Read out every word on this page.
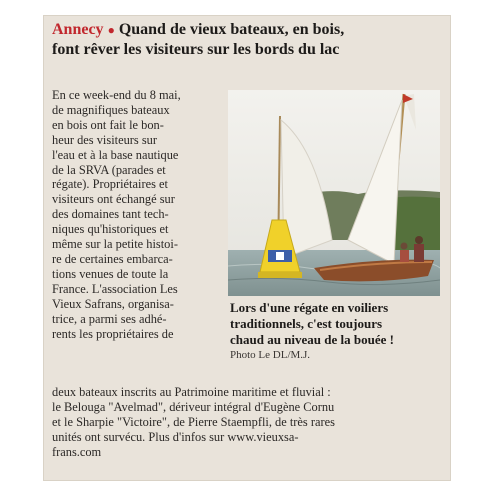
Annecy ● Quand de vieux bateaux, en bois,
font rêver les visiteurs sur les bords du lac
En ce week-end du 8 mai,
de magnifiques bateaux
en bois ont fait le bon-
heur des visiteurs sur
l'eau et à la base nautique
de la SRVA (parades et
régate). Propriétaires et
visiteurs ont échangé sur
des domaines tant tech-
niques qu'historiques et
même sur la petite histoi-
re de certaines embarca-
tions venues de toute la
France. L'association Les
Vieux Safrans, organisa-
trice, a parmi ses adhé-
rents les propriétaires de
Lors d'une régate en voiliers
traditionnels, c'est toujours
chaud au niveau de la bouée !
Photo Le DL/M.J.
deux bateaux inscrits au Patrimoine maritime et fluvial :
le Belouga "Avelmad", dériveur intégral d'Eugène Cornu
et le Sharpie "Victoire", de Pierre Staempfli, de très rares
unités ont survécu. Plus d'infos sur www.vieuxsa-
frans.com
